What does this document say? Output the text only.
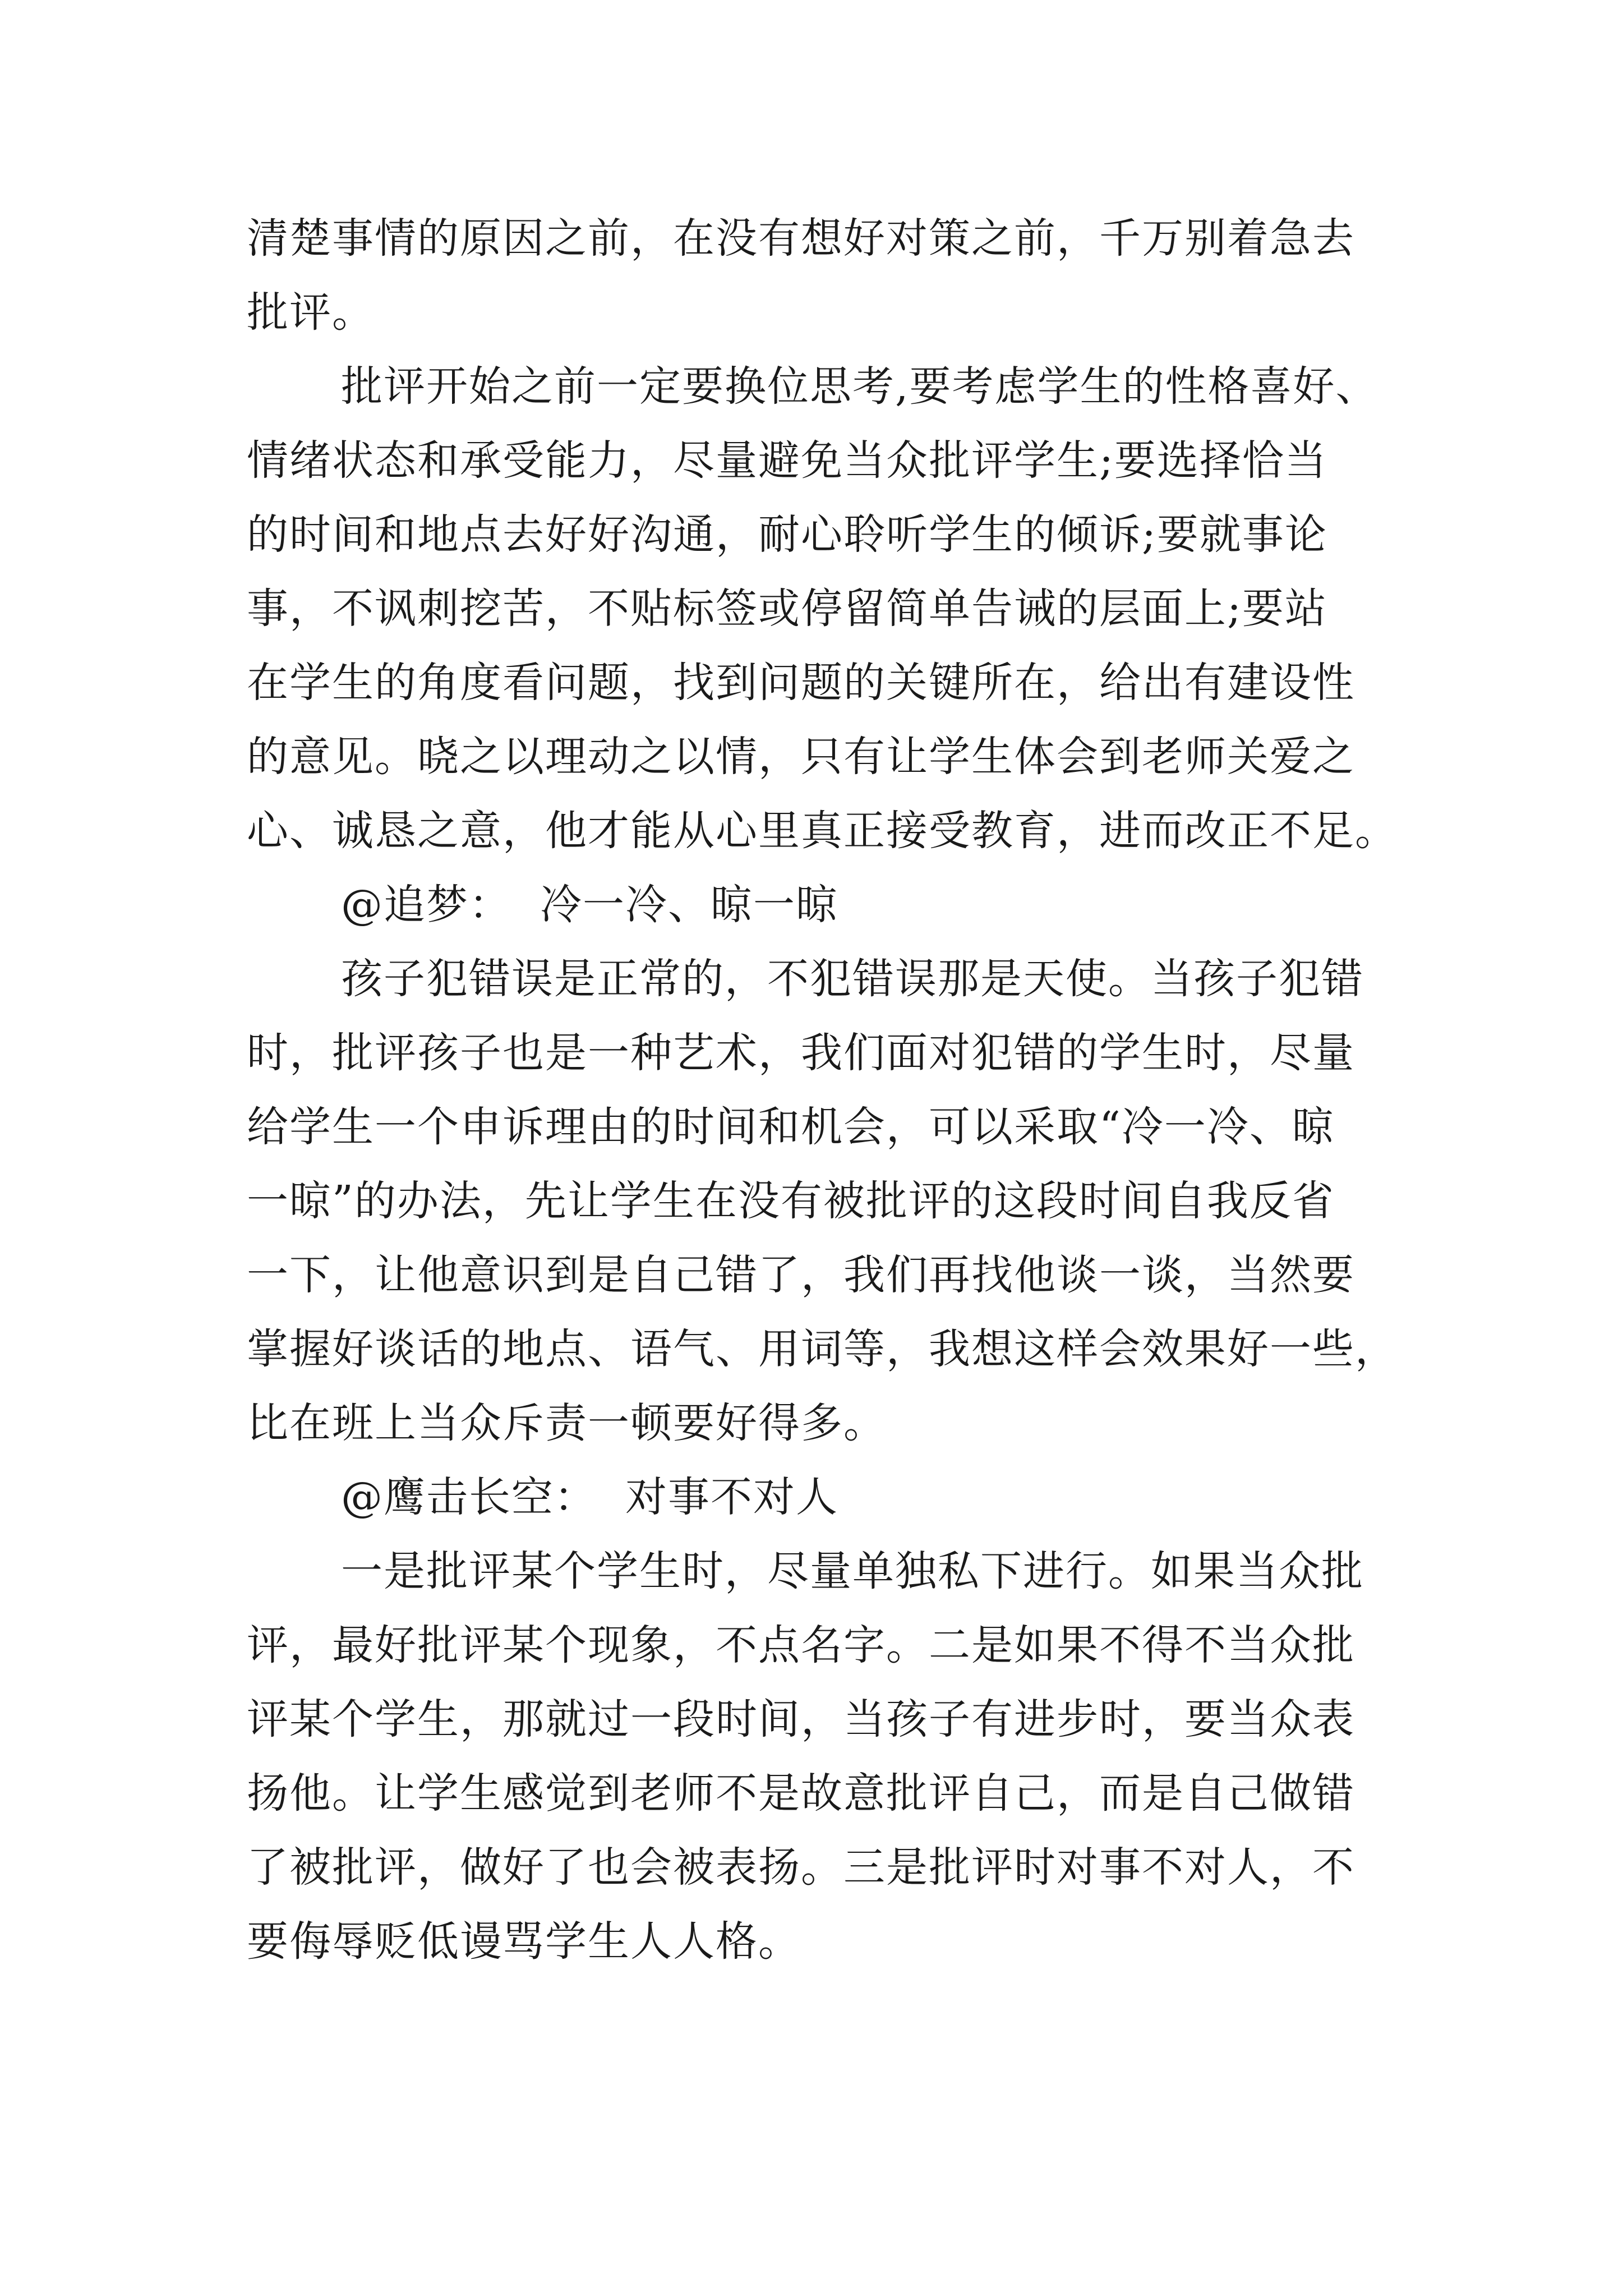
清楚事情的原因之前，在没有想好对策之前，千万别着急去
批评。
批评开始之前一定要换位思考,要考虑学生的性格喜好、
情绪状态和承受能力，尽量避免当众批评学生;要选择恰当
的时间和地点去好好沟通，耐心聆听学生的倾诉;要就事论
事，不讽刺挖苦，不贴标签或停留简单告诫的层面上;要站
在学生的角度看问题，找到问题的关键所在，给出有建设性
的意见。晓之以理动之以情，只有让学生体会到老师关爱之
心、诚恳之意，他才能从心里真正接受教育，进而改正不足。
@追梦：  冷一冷、晾一晾
孩子犯错误是正常的，不犯错误那是天使。当孩子犯错
时，批评孩子也是一种艺术，我们面对犯错的学生时，尽量
给学生一个申诉理由的时间和机会，可以采取“冷一冷、晾
一晾”的办法，先让学生在没有被批评的这段时间自我反省
一下，让他意识到是自己错了，我们再找他谈一谈，当然要
掌握好谈话的地点、语气、用词等，我想这样会效果好一些，
比在班上当众斥责一顿要好得多。
@鹰击长空：  对事不对人
一是批评某个学生时，尽量单独私下进行。如果当众批
评，最好批评某个现象，不点名字。二是如果不得不当众批
评某个学生，那就过一段时间，当孩子有进步时，要当众表
扬他。让学生感觉到老师不是故意批评自己，而是自己做错
了被批评，做好了也会被表扬。三是批评时对事不对人，不
要侮辱贬低谩骂学生人人格。
